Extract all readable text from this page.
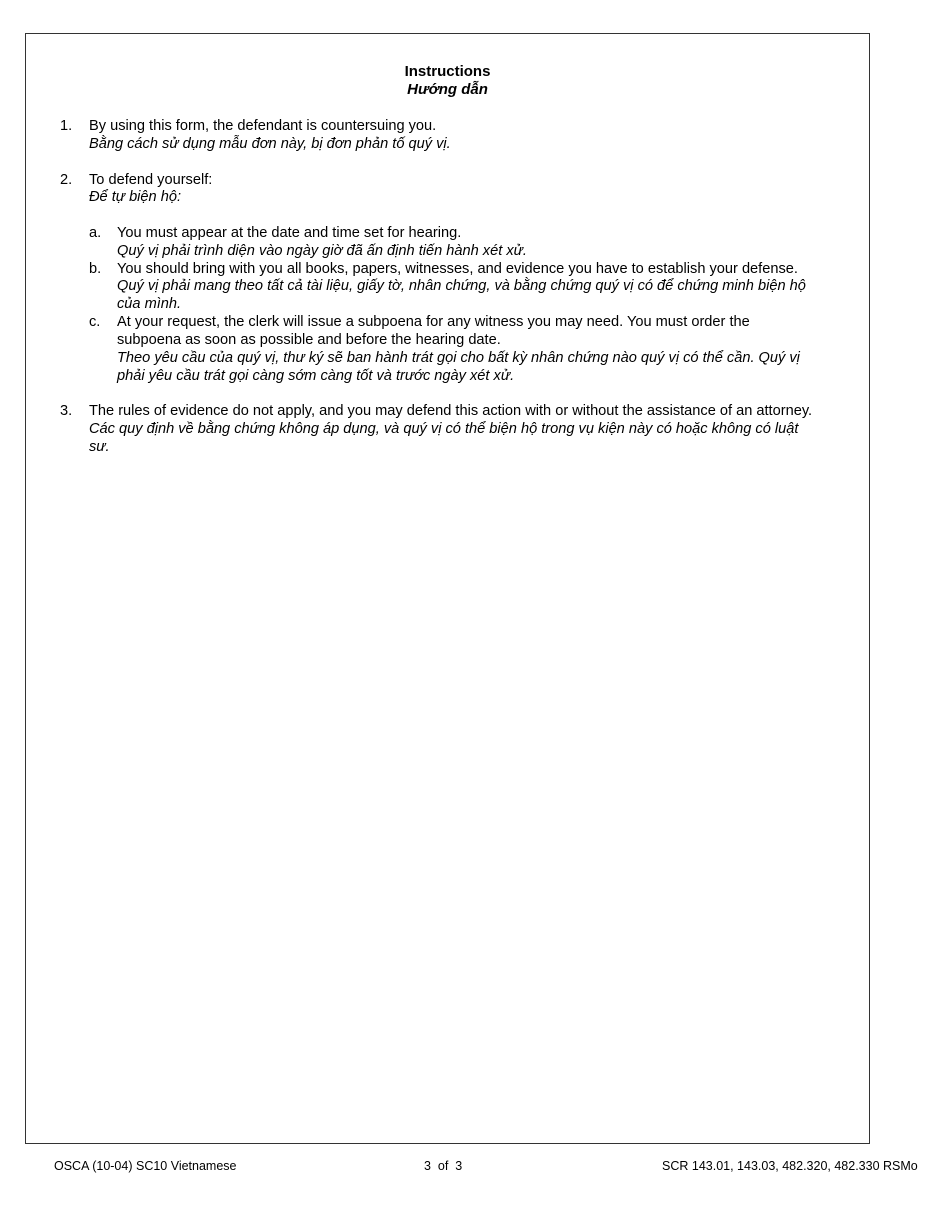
Instructions
Hướng dẫn
1. By using this form, the defendant is countersuing you.
Bằng cách sử dụng mẫu đơn này, bị đơn phản tố quý vị.
2. To defend yourself:
Để tự biện hộ:
a. You must appear at the date and time set for hearing.
Quý vị phải trình diện vào ngày giờ đã ấn định tiến hành xét xử.
b. You should bring with you all books, papers, witnesses, and evidence you have to establish your defense.
Quý vị phải mang theo tất cả tài liệu, giấy tờ, nhân chứng, và bằng chứng quý vị có để chứng minh biện hộ
của mình.
c. At your request, the clerk will issue a subpoena for any witness you may need. You must order the
subpoena as soon as possible and before the hearing date.
Theo yêu cầu của quý vị, thư ký sẽ ban hành trát gọi cho bất kỳ nhân chứng nào quý vị có thể cần. Quý vị
phải yêu cầu trát gọi càng sớm càng tốt và trước ngày xét xử.
3. The rules of evidence do not apply, and you may defend this action with or without the assistance of an attorney.
Các quy định về bằng chứng không áp dụng, và quý vị có thể biện hộ trong vụ kiện này có hoặc không có luật
sư.
OSCA (10-04) SC10 Vietnamese	3  of  3	SCR 143.01, 143.03, 482.320, 482.330 RSMo
